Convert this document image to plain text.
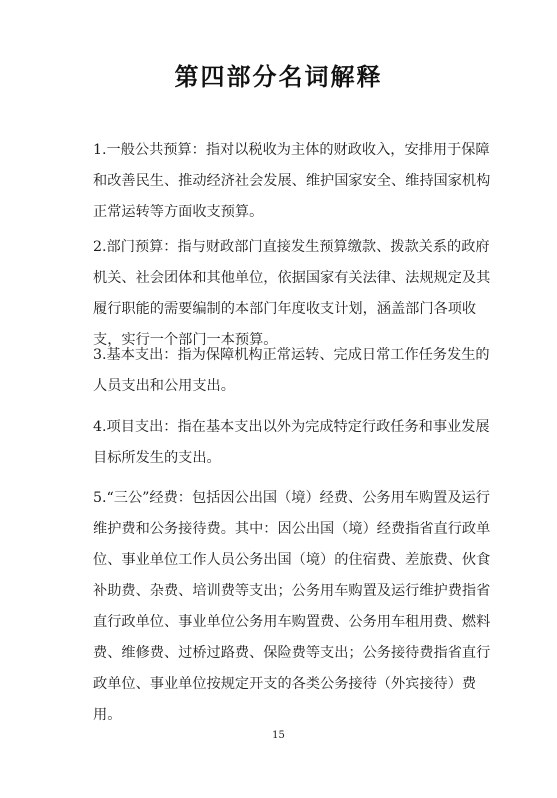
第四部分名词解释
1.一般公共预算：指对以税收为主体的财政收入，安排用于保障和改善民生、推动经济社会发展、维护国家安全、维持国家机构正常运转等方面收支预算。
2.部门预算：指与财政部门直接发生预算缴款、拨款关系的政府机关、社会团体和其他单位，依据国家有关法律、法规规定及其履行职能的需要编制的本部门年度收支计划，涵盖部门各项收支，实行一个部门一本预算。
3.基本支出：指为保障机构正常运转、完成日常工作任务发生的人员支出和公用支出。
4.项目支出：指在基本支出以外为完成特定行政任务和事业发展目标所发生的支出。
5.“三公”经费：包括因公出国（境）经费、公务用车购置及运行维护费和公务接待费。其中：因公出国（境）经费指省直行政单位、事业单位工作人员公务出国（境）的住宿费、差旅费、伙食补助费、杂费、培训费等支出；公务用车购置及运行维护费指省直行政单位、事业单位公务用车购置费、公务用车租用费、燃料费、维修费、过桥过路费、保险费等支出；公务接待费指省直行政单位、事业单位按规定开支的各类公务接待（外宾接待）费用。
15
